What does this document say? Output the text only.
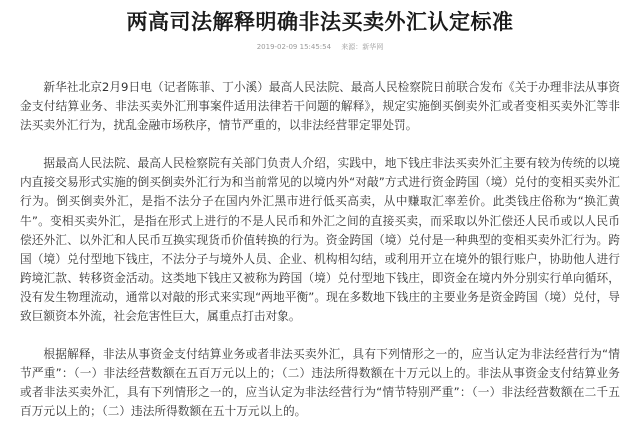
两高司法解释明确非法买卖外汇认定标准
2019-02-09 15:45:54 来源：新华网

新华社北京2月9日电（记者陈菲、丁小溪）最高人民法院、最高人民检察院日前联合发布《关于办理非法从事资金支付结算业务、非法买卖外汇刑事案件适用法律若干问题的解释》，规定实施倒买倒卖外汇或者变相买卖外汇等非法买卖外汇行为，扰乱金融市场秩序，情节严重的，以非法经营罪定罪处罚。

据最高人民法院、最高人民检察院有关部门负责人介绍，实践中，地下钱庄非法买卖外汇主要有较为传统的以境内直接交易形式实施的倒买倒卖外汇行为和当前常见的以境内外“对敲”方式进行资金跨国（境）兑付的变相买卖外汇行为。倒买倒卖外汇，是指不法分子在国内外汇黑市进行低买高卖，从中赚取汇率差价。此类钱庄俗称为“换汇黄牛”。变相买卖外汇，是指在形式上进行的不是人民币和外汇之间的直接买卖，而采取以外汇偿还人民币或以人民币偿还外汇、以外汇和人民币互换实现货币价值转换的行为。资金跨国（境）兑付是一种典型的变相买卖外汇行为。跨国（境）兑付型地下钱庄，不法分子与境外人员、企业、机构相勾结，或利用开立在境外的银行账户，协助他人进行跨境汇款、转移资金活动。这类地下钱庄又被称为跨国（境）兑付型地下钱庄，即资金在境内外分别实行单向循环，没有发生物理流动，通常以对敲的形式来实现“两地平衡”。现在多数地下钱庄的主要业务是资金跨国（境）兑付，导致巨额资本外流，社会危害性巨大，属重点打击对象。

根据解释，非法从事资金支付结算业务或者非法买卖外汇，具有下列情形之一的，应当认定为非法经营行为“情节严重”：（一）非法经营数额在五百万元以上的；（二）违法所得数额在十万元以上的。非法从事资金支付结算业务或者非法买卖外汇，具有下列情形之一的，应当认定为非法经营行为“情节特别严重”：（一）非法经营数额在二千五百万元以上的；（二）违法所得数额在五十万元以上的。
